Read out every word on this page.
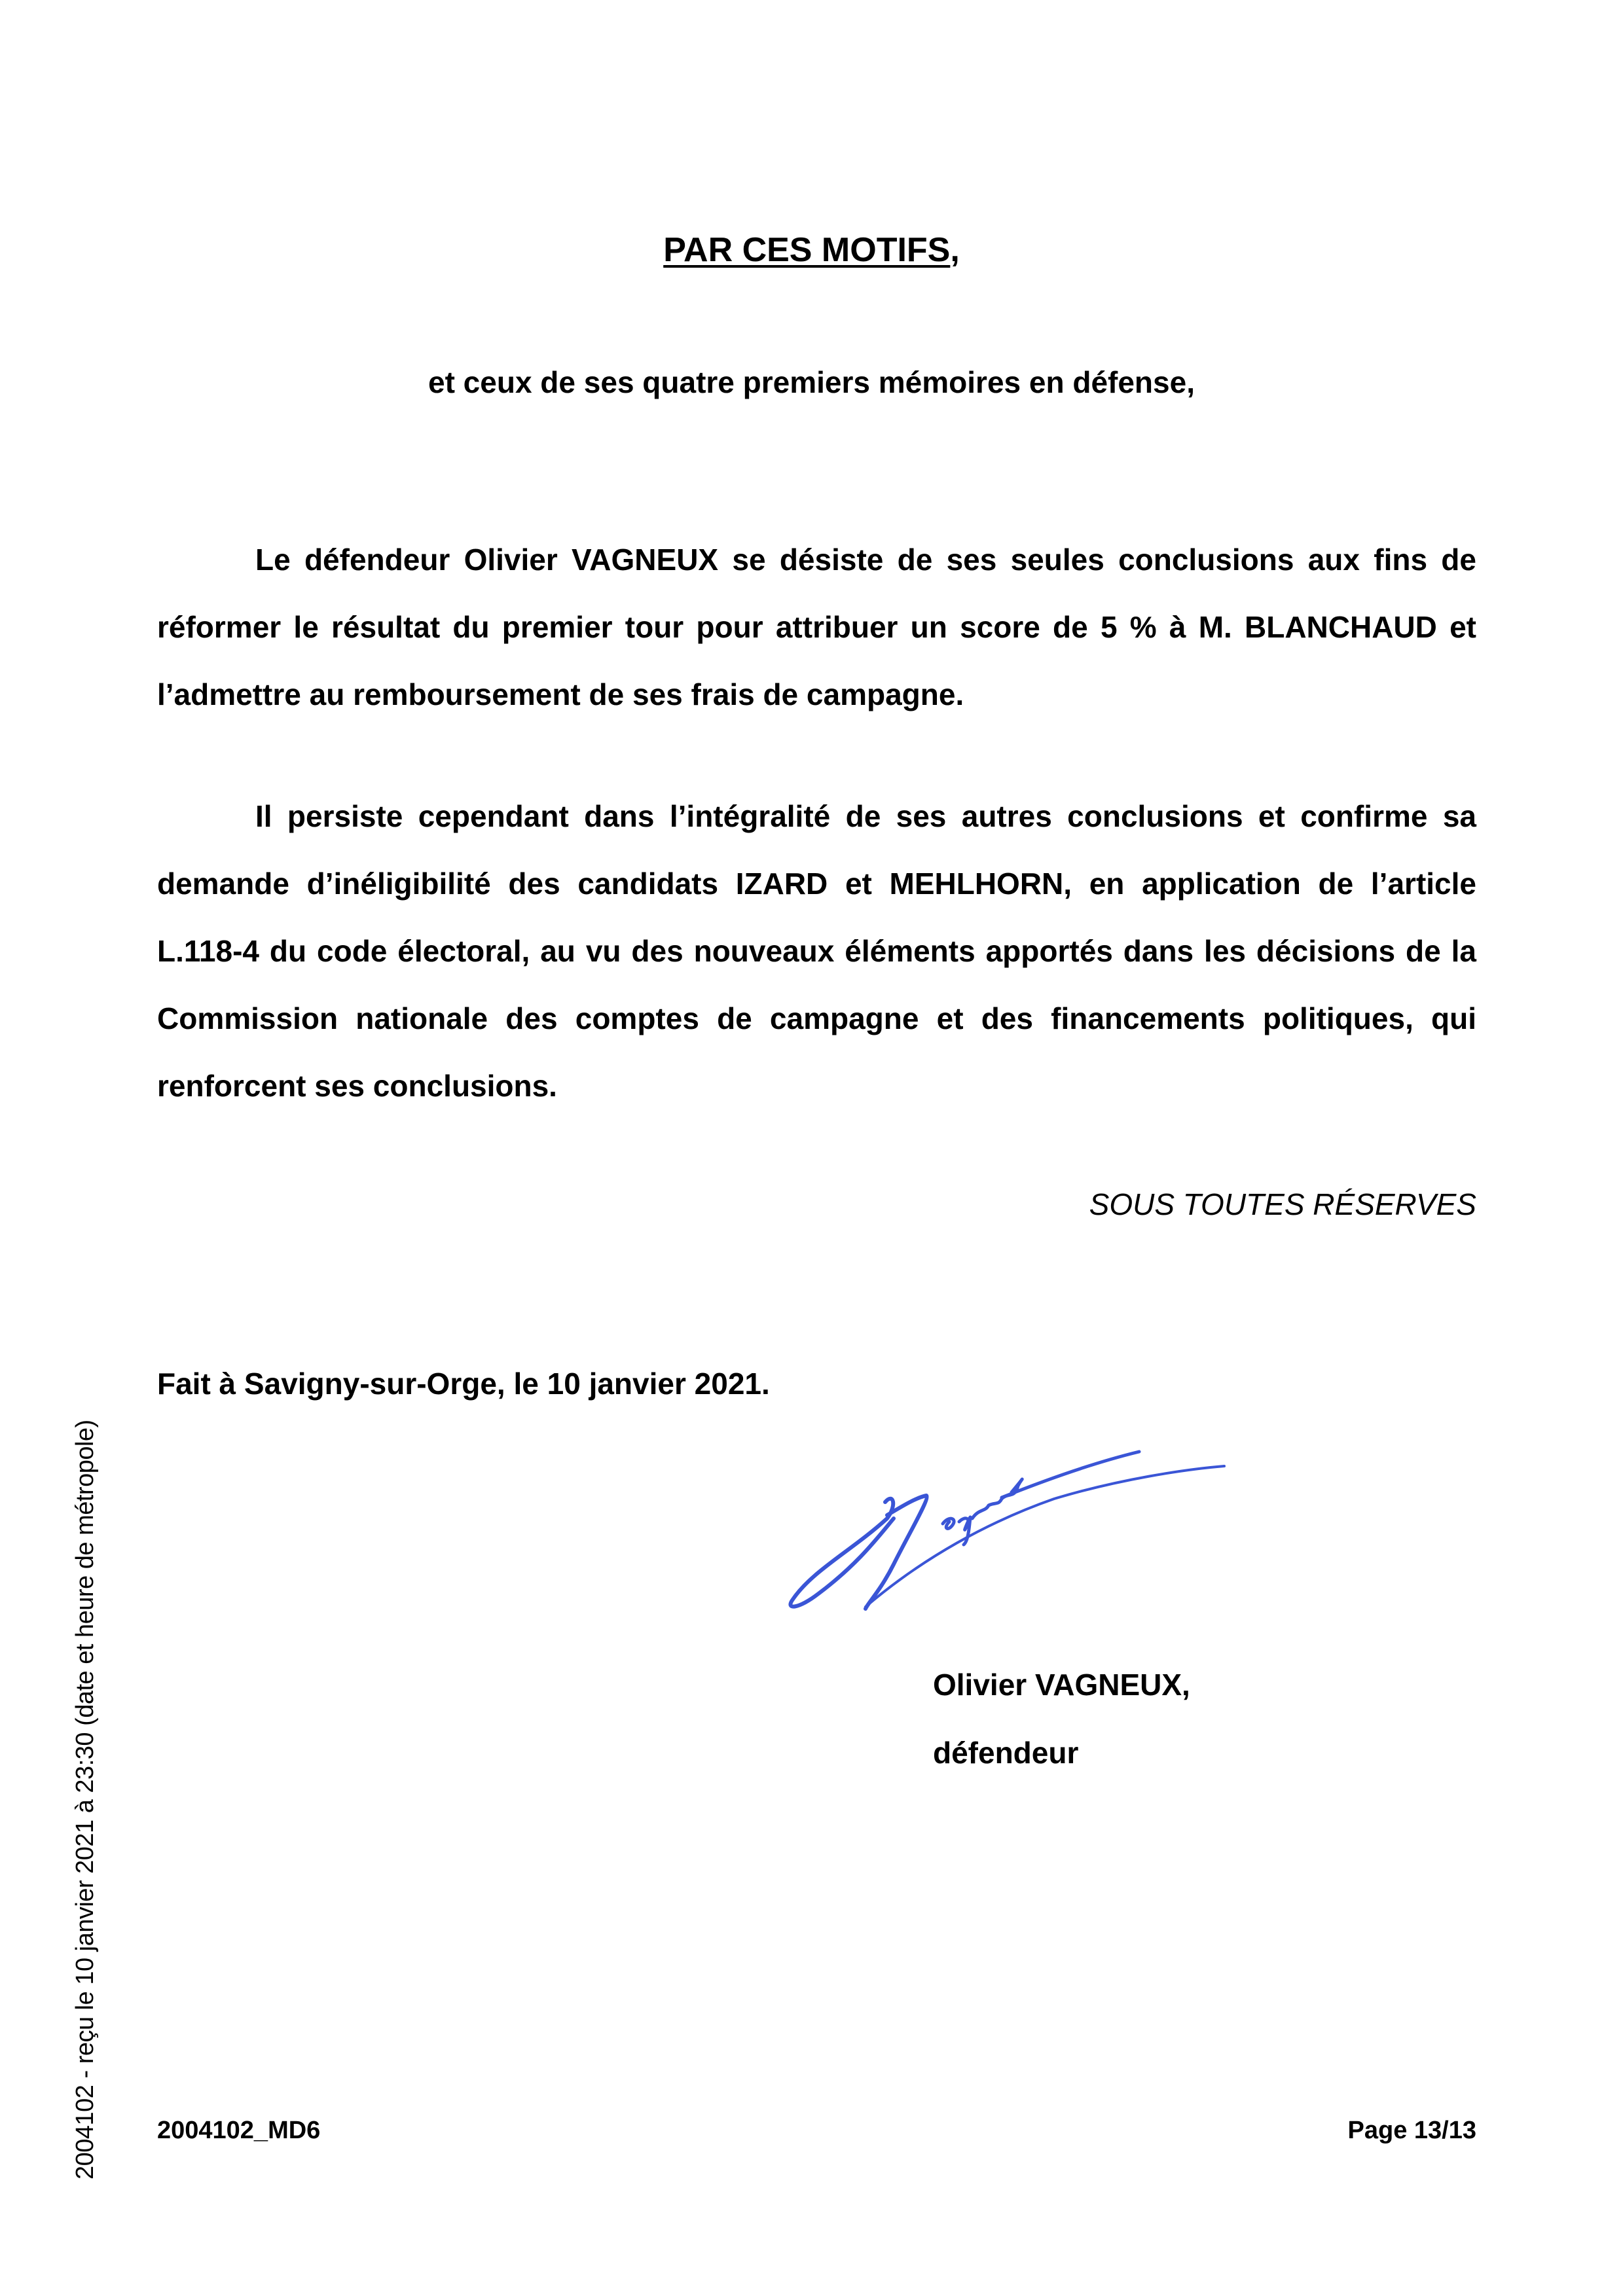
PAR CES MOTIFS,
et ceux de ses quatre premiers mémoires en défense,

Le défendeur Olivier VAGNEUX se désiste de ses seules conclusions aux fins de réformer le résultat du premier tour pour attribuer un score de 5 % à M. BLANCHAUD et l’admettre au remboursement de ses frais de campagne.

Il persiste cependant dans l’intégralité de ses autres conclusions et confirme sa demande d’inéligibilité des candidats IZARD et MEHLHORN, en application de l’article L.118-4 du code électoral, au vu des nouveaux éléments apportés dans les décisions de la Commission nationale des comptes de campagne et des financements politiques, qui renforcent ses conclusions.

SOUS TOUTES RÉSERVES
Fait à Savigny-sur-Orge, le 10 janvier 2021.
Olivier VAGNEUX,
défendeur
2004102_MD6	Page 13/13
2004102 - reçu le 10 janvier 2021 à 23:30 (date et heure de métropole)
